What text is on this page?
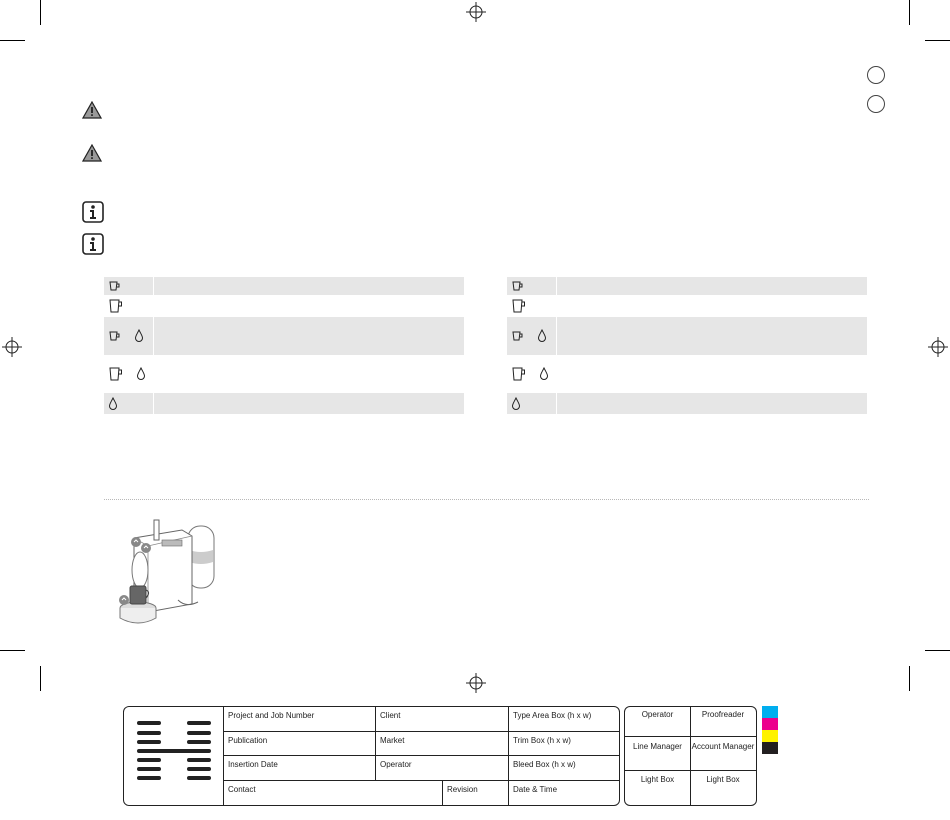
Project and Job Number	Client	Type Area Box (h x w)
Publication	Market	Trim Box (h x w)
Insertion Date	Operator	Bleed Box (h x w)
Contact	Revision	Date & Time
Operator	Proofreader
Line Manager	Account Manager
Light Box	Light Box
